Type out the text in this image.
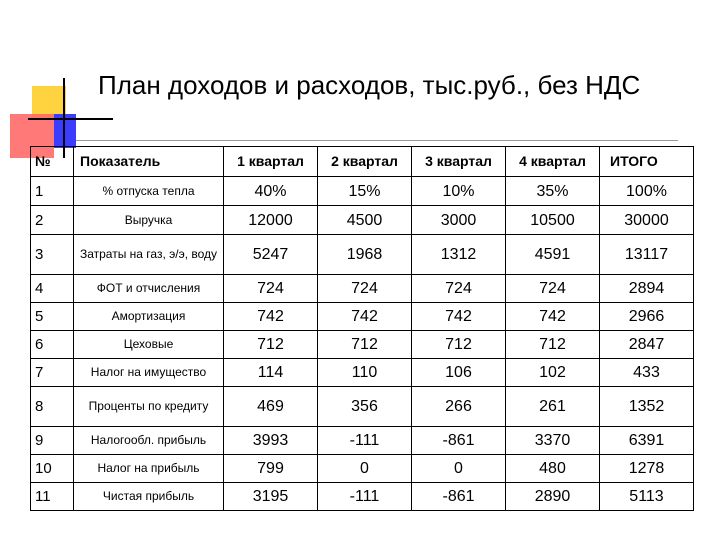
План доходов и расходов, тыс.руб., без НДС
№	Показатель	1 квартал	2 квартал	3 квартал	4 квартал	ИТОГО
1	% отпуска тепла	40%	15%	10%	35%	100%
2	Выручка	12000	4500	3000	10500	30000
3	Затраты на газ, э/э, воду	5247	1968	1312	4591	13117
4	ФОТ и отчисления	724	724	724	724	2894
5	Амортизация	742	742	742	742	2966
6	Цеховые	712	712	712	712	2847
7	Налог на имущество	114	110	106	102	433
8	Проценты по кредиту	469	356	266	261	1352
9	Налогообл. прибыль	3993	-111	-861	3370	6391
10	Налог на прибыль	799	0	0	480	1278
11	Чистая прибыль	3195	-111	-861	2890	5113
